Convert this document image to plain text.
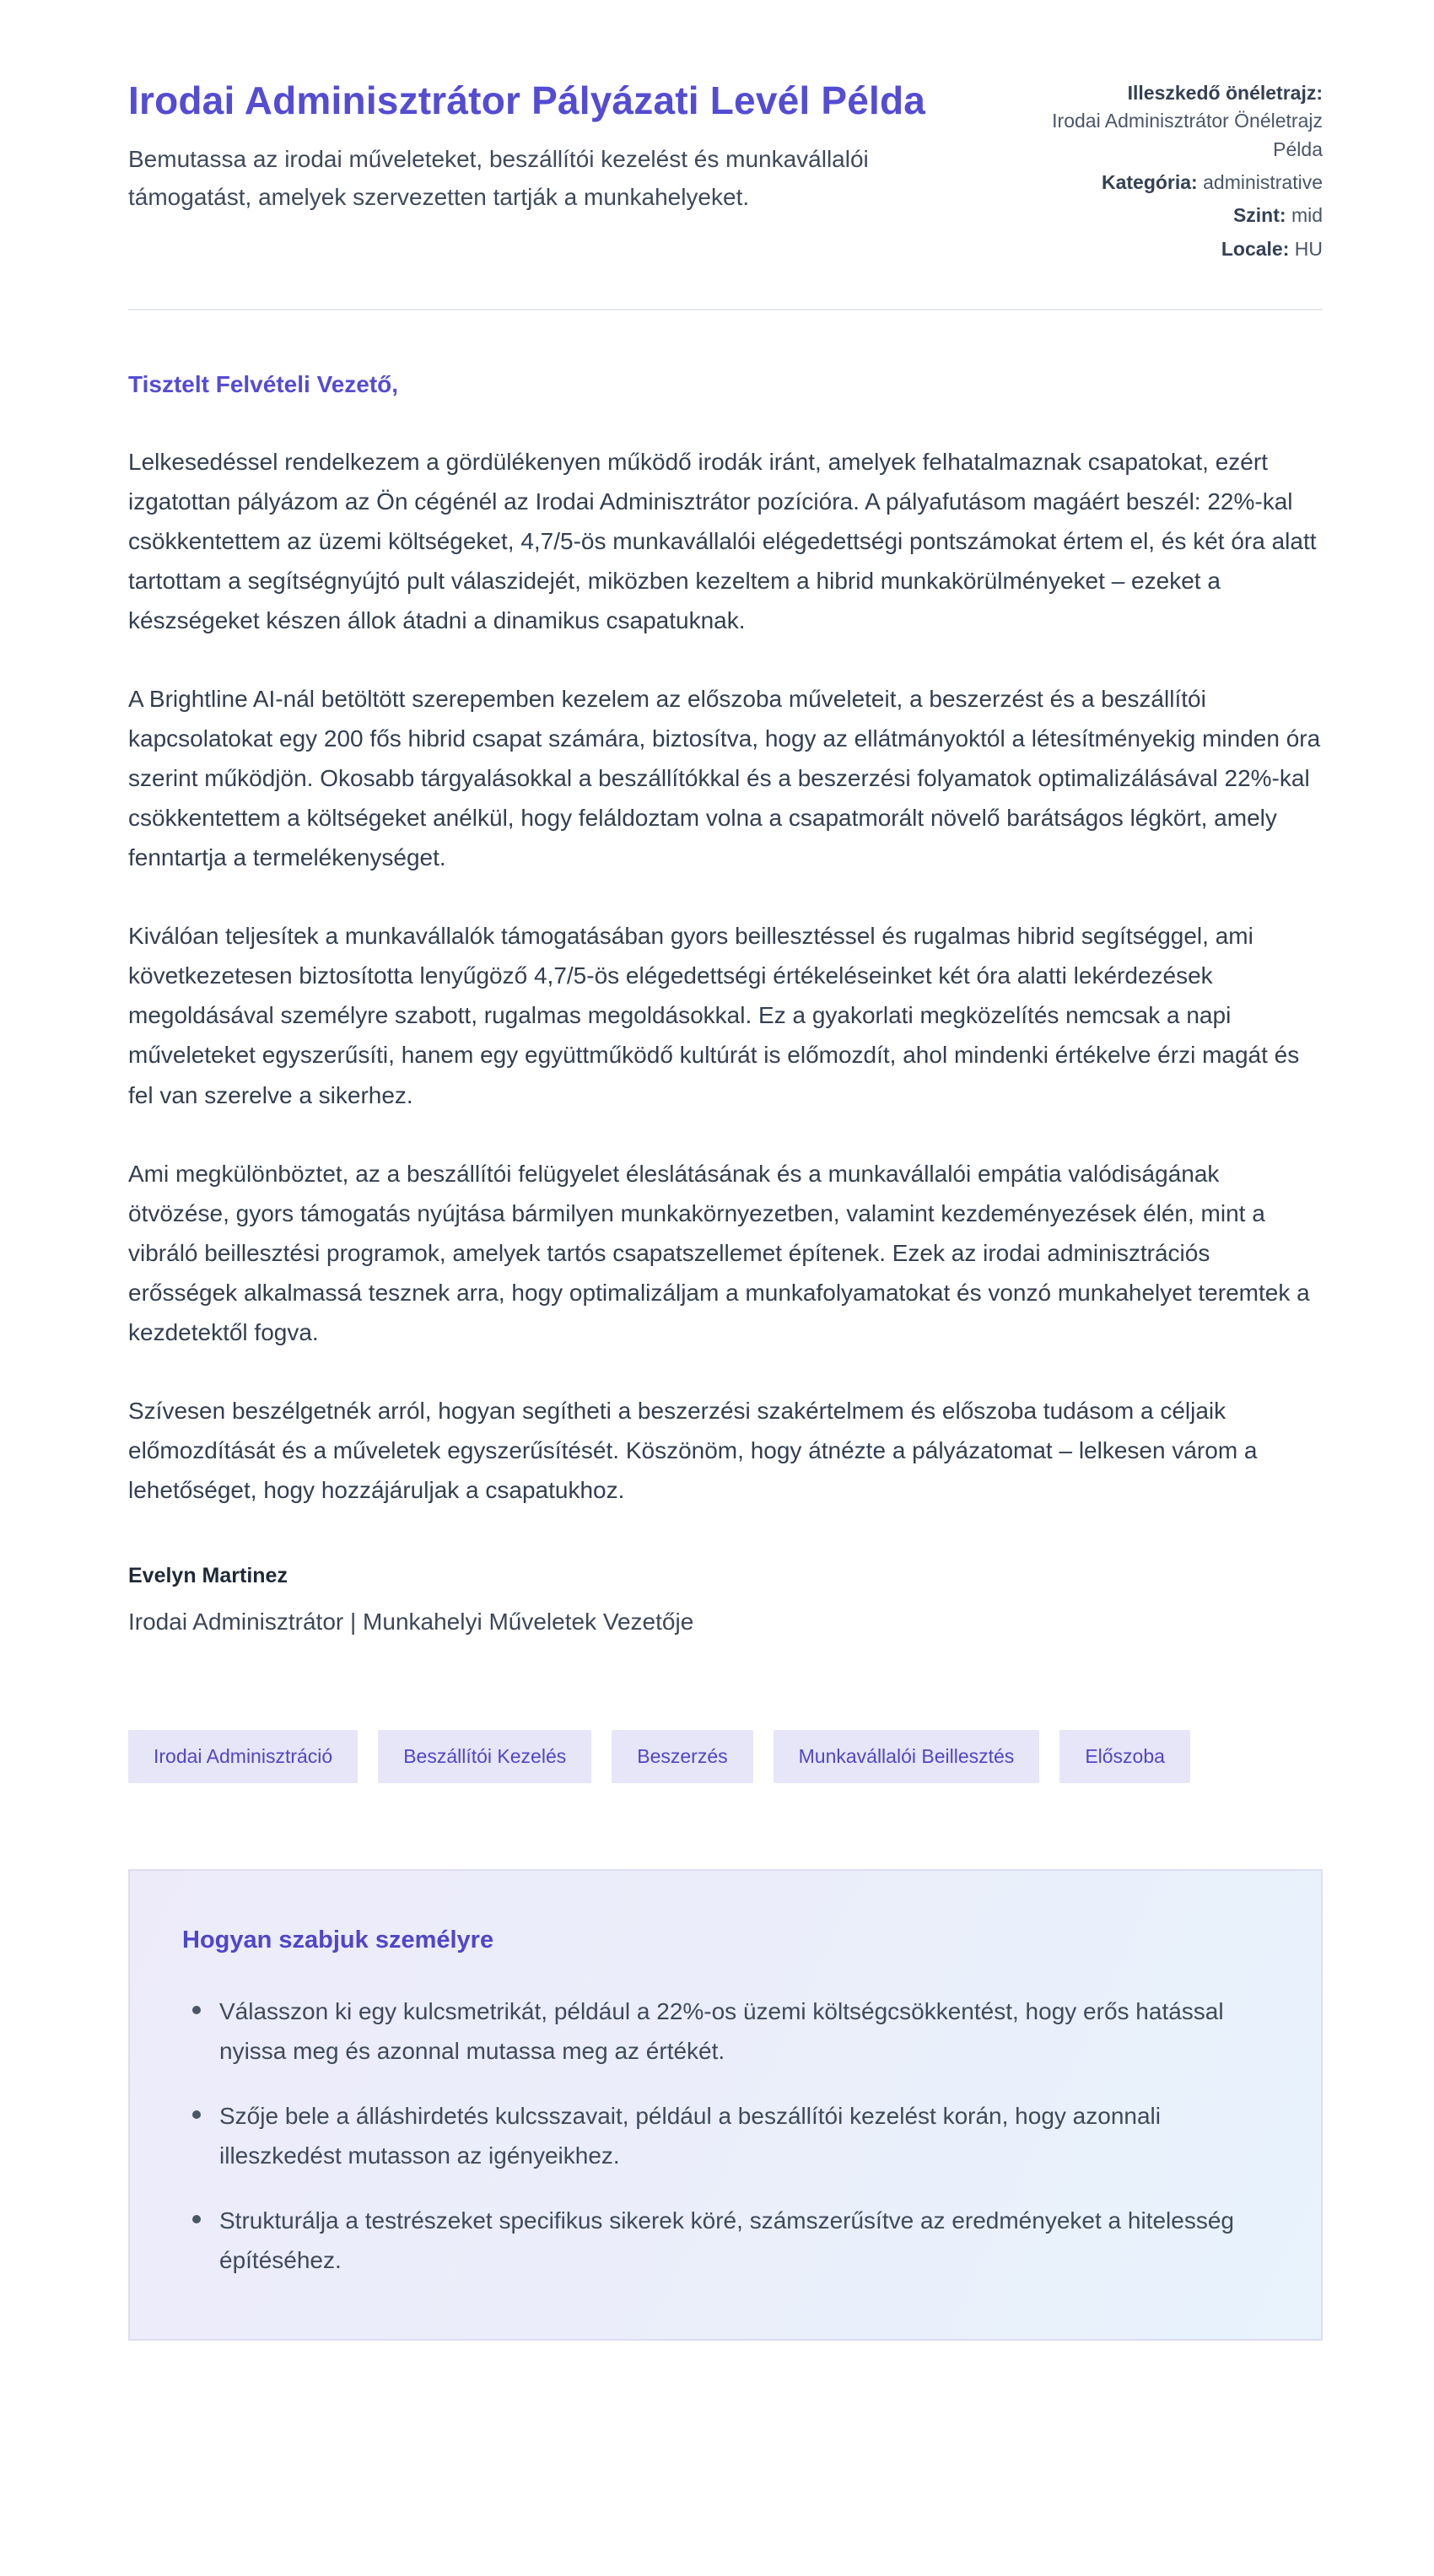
Irodai Adminisztrátor Pályázati Levél Példa

Bemutassa az irodai műveleteket, beszállítói kezelést és munkavállalói támogatást, amelyek szervezetten tartják a munkahelyeket.

Illeszkedő önéletrajz:
Irodai Adminisztrátor Önéletrajz Példa
Kategória: administrative
Szint: mid
Locale: HU

Tisztelt Felvételi Vezető,

Lelkesedéssel rendelkezem a gördülékenyen működő irodák iránt, amelyek felhatalmaznak csapatokat, ezért izgatottan pályázom az Ön cégénél az Irodai Adminisztrátor pozícióra. A pályafutásom magáért beszél: 22%-kal csökkentettem az üzemi költségeket, 4,7/5-ös munkavállalói elégedettségi pontszámokat értem el, és két óra alatt tartottam a segítségnyújtó pult válaszidejét, miközben kezeltem a hibrid munkakörülményeket – ezeket a készségeket készen állok átadni a dinamikus csapatuknak.

A Brightline AI-nál betöltött szerepemben kezelem az előszoba műveleteit, a beszerzést és a beszállítói kapcsolatokat egy 200 fős hibrid csapat számára, biztosítva, hogy az ellátmányoktól a létesítményekig minden óra szerint működjön. Okosabb tárgyalásokkal a beszállítókkal és a beszerzési folyamatok optimalizálásával 22%-kal csökkentettem a költségeket anélkül, hogy feláldoztam volna a csapatmorált növelő barátságos légkört, amely fenntartja a termelékenységet.

Kiválóan teljesítek a munkavállalók támogatásában gyors beillesztéssel és rugalmas hibrid segítséggel, ami következetesen biztosította lenyűgöző 4,7/5-ös elégedettségi értékeléseinket két óra alatti lekérdezések megoldásával személyre szabott, rugalmas megoldásokkal. Ez a gyakorlati megközelítés nemcsak a napi műveleteket egyszerűsíti, hanem egy együttműködő kultúrát is előmozdít, ahol mindenki értékelve érzi magát és fel van szerelve a sikerhez.

Ami megkülönböztet, az a beszállítói felügyelet éleslátásának és a munkavállalói empátia valódiságának ötvözése, gyors támogatás nyújtása bármilyen munkakörnyezetben, valamint kezdeményezések élén, mint a vibráló beillesztési programok, amelyek tartós csapatszellemet építenek. Ezek az irodai adminisztrációs erősségek alkalmassá tesznek arra, hogy optimalizáljam a munkafolyamatokat és vonzó munkahelyet teremtek a kezdetektől fogva.

Szívesen beszélgetnék arról, hogyan segítheti a beszerzési szakértelmem és előszoba tudásom a céljaik előmozdítását és a műveletek egyszerűsítését. Köszönöm, hogy átnézte a pályázatomat – lelkesen várom a lehetőséget, hogy hozzájáruljak a csapatukhoz.

Evelyn Martinez

Irodai Adminisztrátor | Munkahelyi Műveletek Vezetője

Irodai Adminisztráció	Beszállítói Kezelés	Beszerzés	Munkavállalói Beillesztés	Előszoba
Hogyan szabjuk személyre
Válasszon ki egy kulcsmetrikát, például a 22%-os üzemi költségcsökkentést, hogy erős hatással nyissa meg és azonnal mutassa meg az értékét.
Szője bele a álláshirdetés kulcsszavait, például a beszállítói kezelést korán, hogy azonnali illeszkedést mutasson az igényeikhez.
Strukturálja a testrészeket specifikus sikerek köré, számszerűsítve az eredményeket a hitelesség építéséhez.
